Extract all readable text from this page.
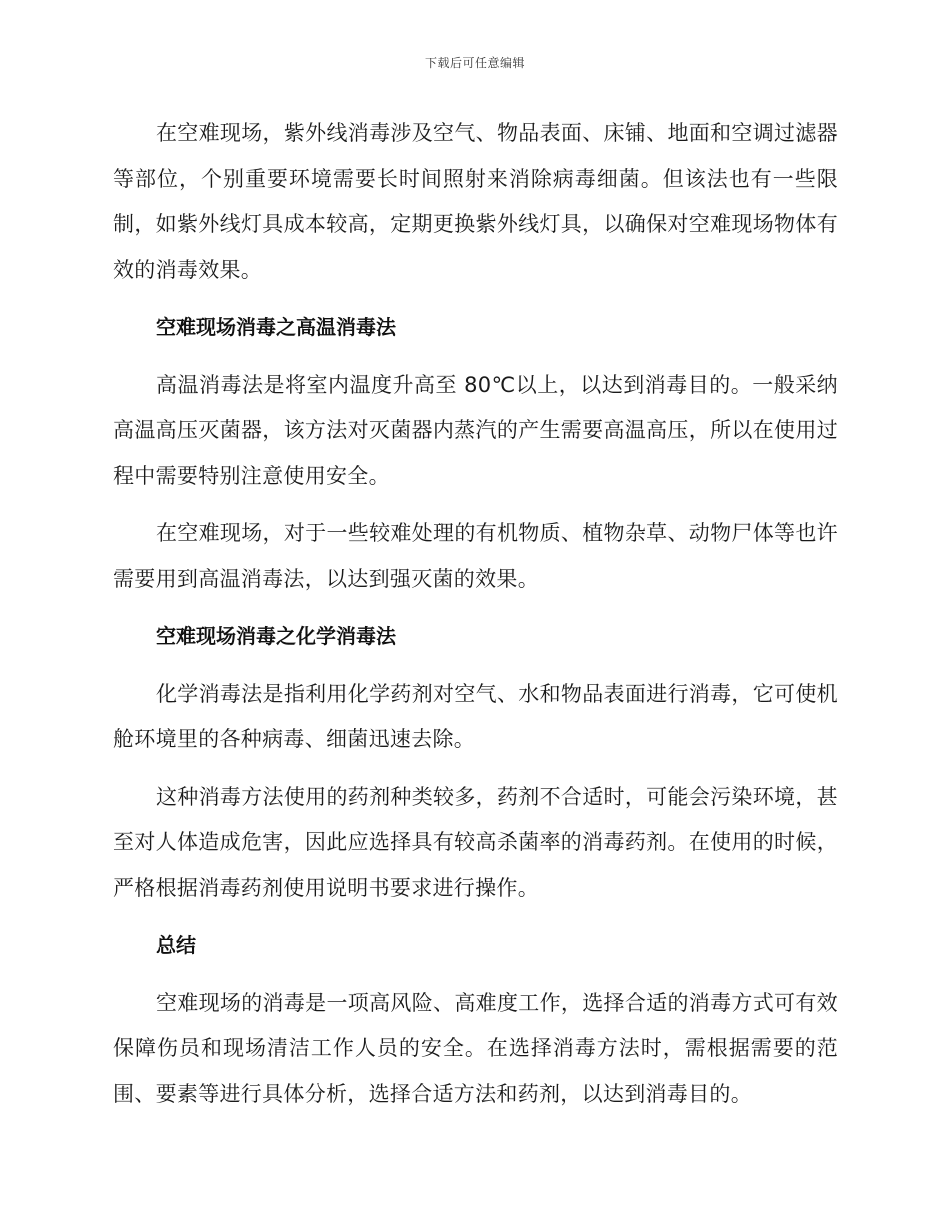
下载后可任意编辑

在空难现场，紫外线消毒涉及空气、物品表面、床铺、地面和空调过滤器等部位，个别重要环境需要长时间照射来消除病毒细菌。但该法也有一些限制，如紫外线灯具成本较高，定期更换紫外线灯具，以确保对空难现场物体有效的消毒效果。

空难现场消毒之高温消毒法

高温消毒法是将室内温度升高至 80℃以上，以达到消毒目的。一般采纳高温高压灭菌器，该方法对灭菌器内蒸汽的产生需要高温高压，所以在使用过程中需要特别注意使用安全。

在空难现场，对于一些较难处理的有机物质、植物杂草、动物尸体等也许需要用到高温消毒法，以达到强灭菌的效果。

空难现场消毒之化学消毒法

化学消毒法是指利用化学药剂对空气、水和物品表面进行消毒，它可使机舱环境里的各种病毒、细菌迅速去除。

这种消毒方法使用的药剂种类较多，药剂不合适时，可能会污染环境，甚至对人体造成危害，因此应选择具有较高杀菌率的消毒药剂。在使用的时候，严格根据消毒药剂使用说明书要求进行操作。

总结

空难现场的消毒是一项高风险、高难度工作，选择合适的消毒方式可有效保障伤员和现场清洁工作人员的安全。在选择消毒方法时，需根据需要的范围、要素等进行具体分析，选择合适方法和药剂，以达到消毒目的。
